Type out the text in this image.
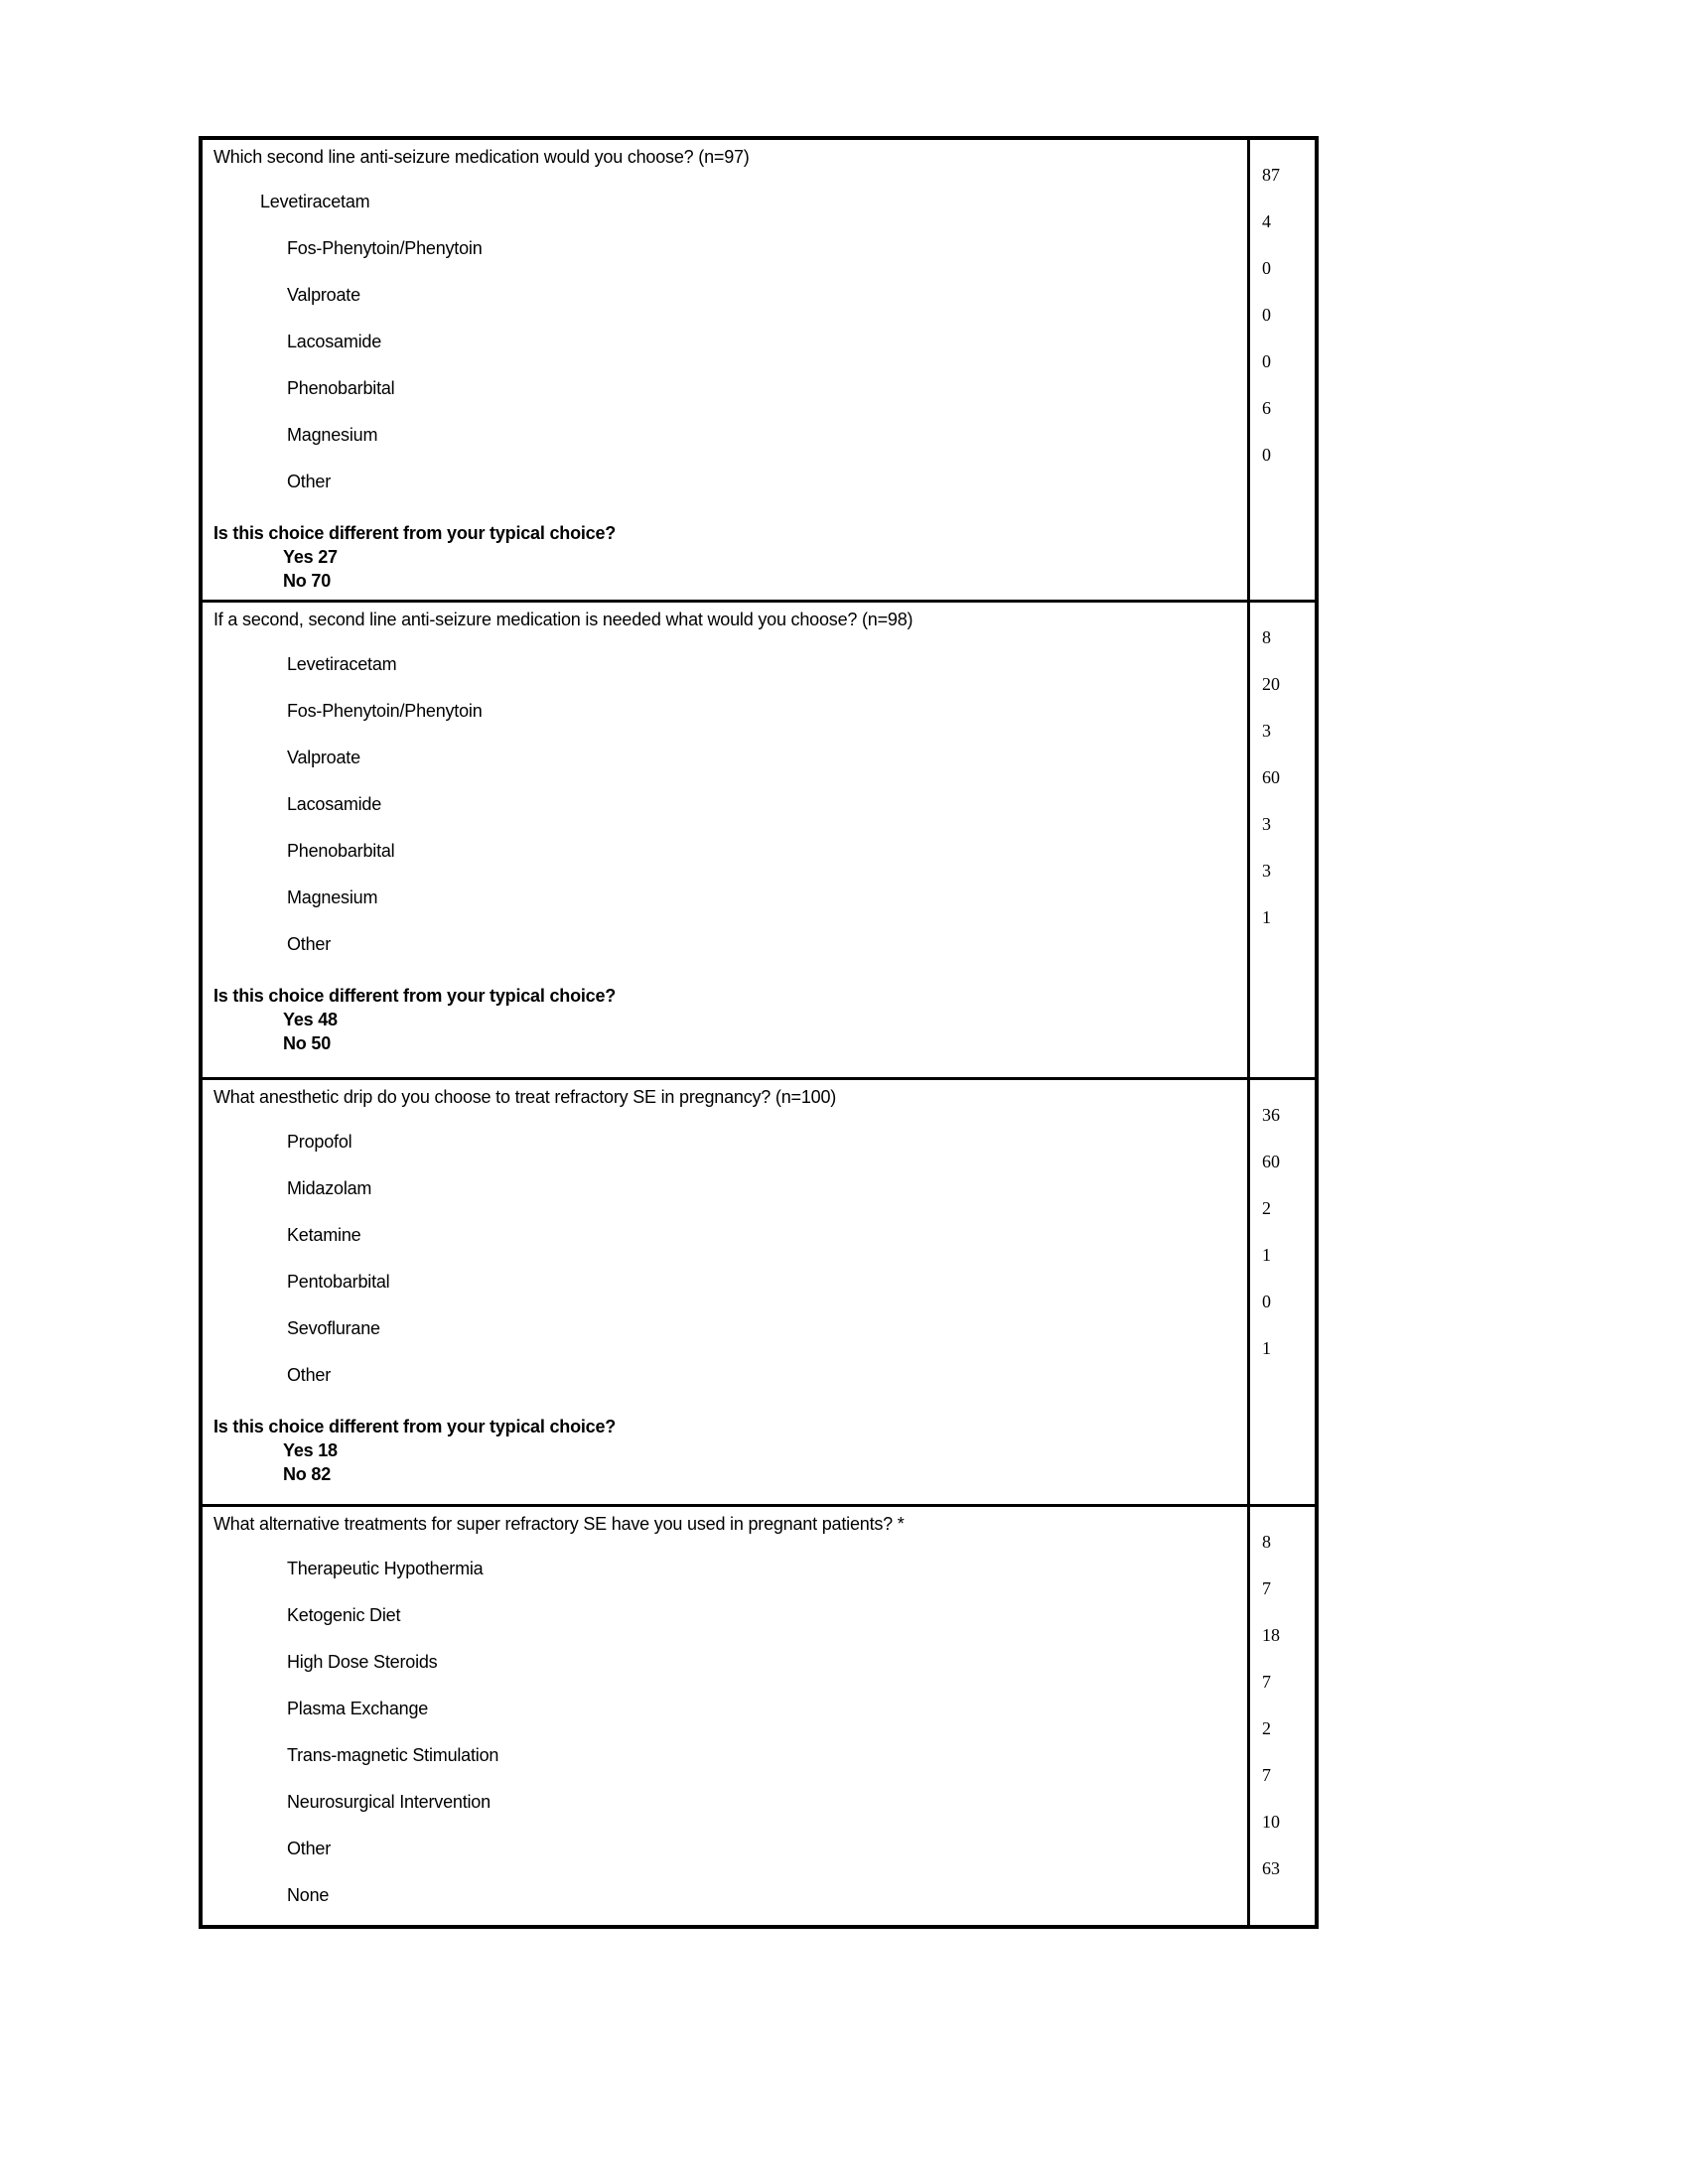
Which second line anti-seizure medication would you choose? (n=97)
Levetiracetam
Fos-Phenytoin/Phenytoin
Valproate
Lacosamide
Phenobarbital
Magnesium
Other
Is this choice different from your typical choice?
Yes 27
No 70
87
4
0
0
0
6
0
If a second, second line anti-seizure medication is needed what would you choose? (n=98)
Levetiracetam
Fos-Phenytoin/Phenytoin
Valproate
Lacosamide
Phenobarbital
Magnesium
Other
Is this choice different from your typical choice?
Yes 48
No 50
8
20
3
60
3
3
1
What anesthetic drip do you choose to treat refractory SE in pregnancy? (n=100)
Propofol
Midazolam
Ketamine
Pentobarbital
Sevoflurane
Other
Is this choice different from your typical choice?
Yes 18
No 82
36
60
2
1
0
1
What alternative treatments for super refractory SE have you used in pregnant patients? *
Therapeutic Hypothermia
Ketogenic Diet
High Dose Steroids
Plasma Exchange
Trans-magnetic Stimulation
Neurosurgical Intervention
Other
None
8
7
18
7
2
7
10
63
